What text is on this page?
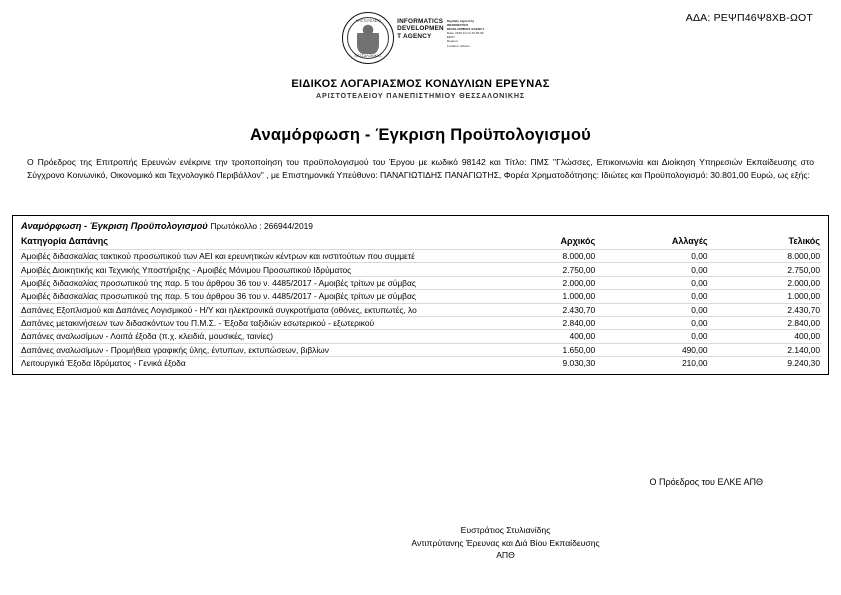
ΑΔΑ: ΡΕΨΠ46Ψ8ΧΒ-ΩΟΤ
ΑΡΙΣΤΟΤΕΛΕΙΟ
ΘΕΣΣΑΛΟΝΙΚΗΣ
INFORMATICS
DEVELOPMEN
T AGENCY
Digitally signed by
INFORMATICS
DEVELOPMENT AGENCY
Date: 2019.10.14 10:30:09
EEST
Reason:
Location: Athens
ΕΙΔΙΚΟΣ ΛΟΓΑΡΙΑΣΜΟΣ ΚΟΝΔΥΛΙΩΝ ΕΡΕΥΝΑΣ
ΑΡΙΣΤΟΤΕΛΕΙΟΥ ΠΑΝΕΠΙΣΤΗΜΙΟΥ ΘΕΣΣΑΛΟΝΙΚΗΣ
Αναμόρφωση - Έγκριση Προϋπολογισμού
Ο Πρόεδρος της Επιτροπής Ερευνών ενέκρινε την τροποποίηση του προϋπολογισμού του Έργου με κωδικό 98142 και Τίτλο: ΠΜΣ "Γλώσσες, Επικοινωνία και Διοίκηση Υπηρεσιών Εκπαίδευσης στο Σύγχρονο Κοινωνικό, Οικονομικό και Τεχνολογικό Περιβάλλον" , με Επιστημονικά Υπεύθυνο: ΠΑΝΑΓΙΩΤΙΔΗΣ ΠΑΝΑΓΙΩΤΗΣ, Φορέα Χρηματοδότησης: Ιδιώτες και Προϋπολογισμό: 30.801,00 Ευρώ, ως εξής:
Αναμόρφωση - Έγκριση Προϋπολογισμού Πρωτόκολλο : 266944/2019
Κατηγορία Δαπάνης	Αρχικός	Αλλαγές	Τελικός
Αμοιβές διδασκαλίας τακτικού προσωπικού των ΑΕΙ και ερευνητικών κέντρων και ινστιτούτων που συμμετέ	8.000,00	0,00	8.000,00
Αμοιβές Διοικητικής και Τεχνικής Υποστήριξης - Αμοιβές Μόνιμου Προσωπικού Ιδρύματος	2.750,00	0,00	2.750,00
Αμοιβές διδασκαλίας προσωπικού της παρ. 5 του άρθρου 36 του ν. 4485/2017 - Αμοιβές τρίτων με σύμβας	2.000,00	0,00	2.000,00
Αμοιβές διδασκαλίας προσωπικού της παρ. 5 του άρθρου 36 του ν. 4485/2017 - Αμοιβές τρίτων με σύμβας	1.000,00	0,00	1.000,00
Δαπάνες Εξοπλισμού και Δαπάνες Λογισμικού - Η/Υ και ηλεκτρονικά συγκροτήματα (οθόνες, εκτυπωτές, λο	2.430,70	0,00	2.430,70
Δαπάνες μετακινήσεων των διδασκόντων του Π.Μ.Σ. - Έξοδα ταξιδιών εσωτερικού - εξωτερικού	2.840,00	0,00	2.840,00
Δαπάνες αναλωσίμων - Λοιπά έξοδα (π.χ. κλειδιά, μουσικές, ταινίες)	400,00	0,00	400,00
Δαπάνες αναλωσίμων - Προμήθεια γραφικής ύλης, έντυπων, εκτυπώσεων, βιβλίων	1.650,00	490,00	2.140,00
Λειτουργικά Έξοδα Ιδρύματος - Γενικά έξοδα	9.030,30	210,00	9.240,30
Ο Πρόεδρος του ΕΛΚΕ ΑΠΘ
Ευστράτιος Στυλιανίδης
Αντιπρύτανης Έρευνας και Διά Βίου Εκπαίδευσης
ΑΠΘ
